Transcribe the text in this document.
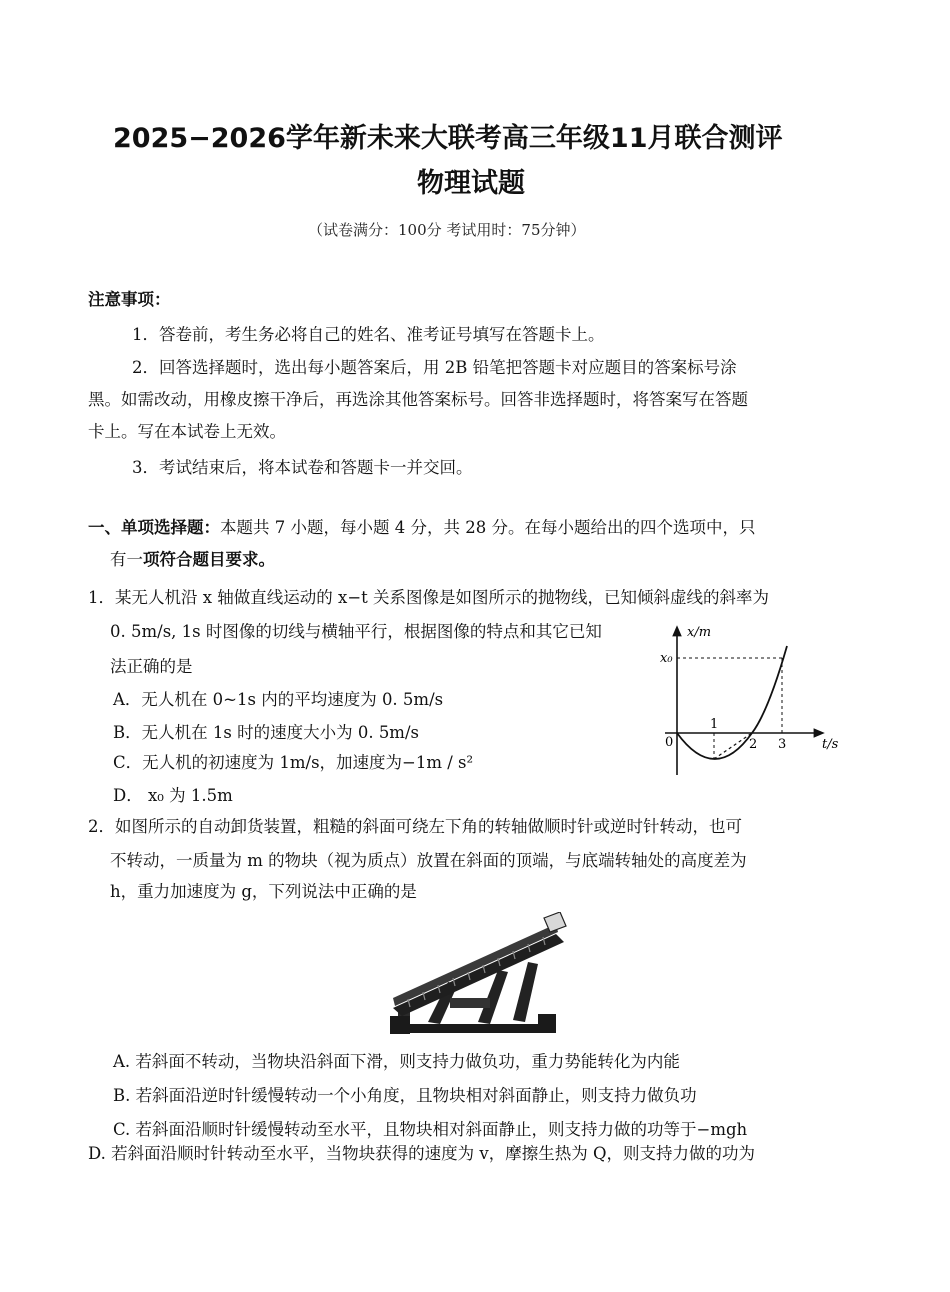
2025−2026学年新未来大联考高三年级11月联合测评
物理试题
（试卷满分：100分 考试用时：75分钟）
注意事项：
1．答卷前，考生务必将自己的姓名、准考证号填写在答题卡上。
2．回答选择题时，选出每小题答案后，用 2B 铅笔把答题卡对应题目的答案标号涂
黑。如需改动，用橡皮擦干净后，再选涂其他答案标号。回答非选择题时，将答案写在答题
卡上。写在本试卷上无效。
3．考试结束后，将本试卷和答题卡一并交回。
一、单项选择题：本题共 7 小题，每小题 4 分，共 28 分。在每小题给出的四个选项中，只
有一项符合题目要求。
1．某无人机沿 x 轴做直线运动的 x−t 关系图像是如图所示的抛物线，已知倾斜虚线的斜率为
0. 5m/s, 1s 时图像的切线与横轴平行，根据图像的特点和其它已知
法正确的是
A．无人机在 0~1s 内的平均速度为 0. 5m/s
B．无人机在 1s 时的速度大小为 0. 5m/s
C．无人机的初速度为 1m/s，加速度为−1m / s²
D． x₀ 为 1.5m
x/m
t/s
x₀
0
1
2 3
2．如图所示的自动卸货装置，粗糙的斜面可绕左下角的转轴做顺时针或逆时针转动，也可
不转动，一质量为 m 的物块（视为质点）放置在斜面的顶端，与底端转轴处的高度差为
h，重力加速度为 g，下列说法中正确的是
A. 若斜面不转动，当物块沿斜面下滑，则支持力做负功，重力势能转化为内能
B. 若斜面沿逆时针缓慢转动一个小角度，且物块相对斜面静止，则支持力做负功
C. 若斜面沿顺时针缓慢转动至水平，且物块相对斜面静止，则支持力做的功等于−mgh
D. 若斜面沿顺时针转动至水平，当物块获得的速度为 v，摩擦生热为 Q，则支持力做的功为
